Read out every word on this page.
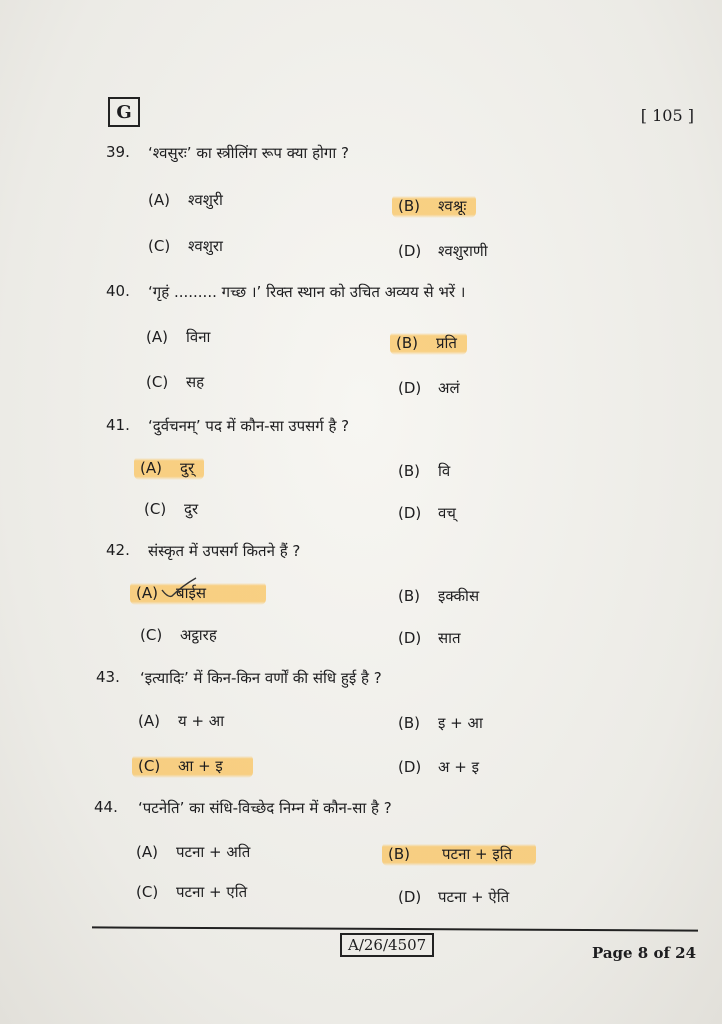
G	[ 105 ]
39. ‘श्वसुरः’ का स्त्रीलिंग रूप क्या होगा ?
(A) श्वशुरी	(B) श्वश्रूः
(C) श्वशुरा	(D) श्वशुराणी
40. ‘गृहं ......... गच्छ ।’ रिक्त स्थान को उचित अव्यय से भरें ।
(A) विना	(B) प्रति
(C) सह	(D) अलं
41. ‘दुर्वचनम्’ पद में कौन-सा उपसर्ग है ?
(A) दुर्	(B) वि
(C) दुर	(D) वच्
42. संस्कृत में उपसर्ग कितने हैं ?
(A) बाईस	(B) इक्कीस
(C) अट्ठारह	(D) सात
43. ‘इत्यादिः’ में किन-किन वर्णों की संधि हुई है ?
(A) य + आ	(B) इ + आ
(C) आ + इ	(D) अ + इ
44. ‘पटनेति’ का संधि-विच्छेद निम्न में कौन-सा है ?
(A) पटना + अति	(B) पटना + इति
(C) पटना + एति	(D) पटना + ऐति
A/26/4507	Page 8 of 24
